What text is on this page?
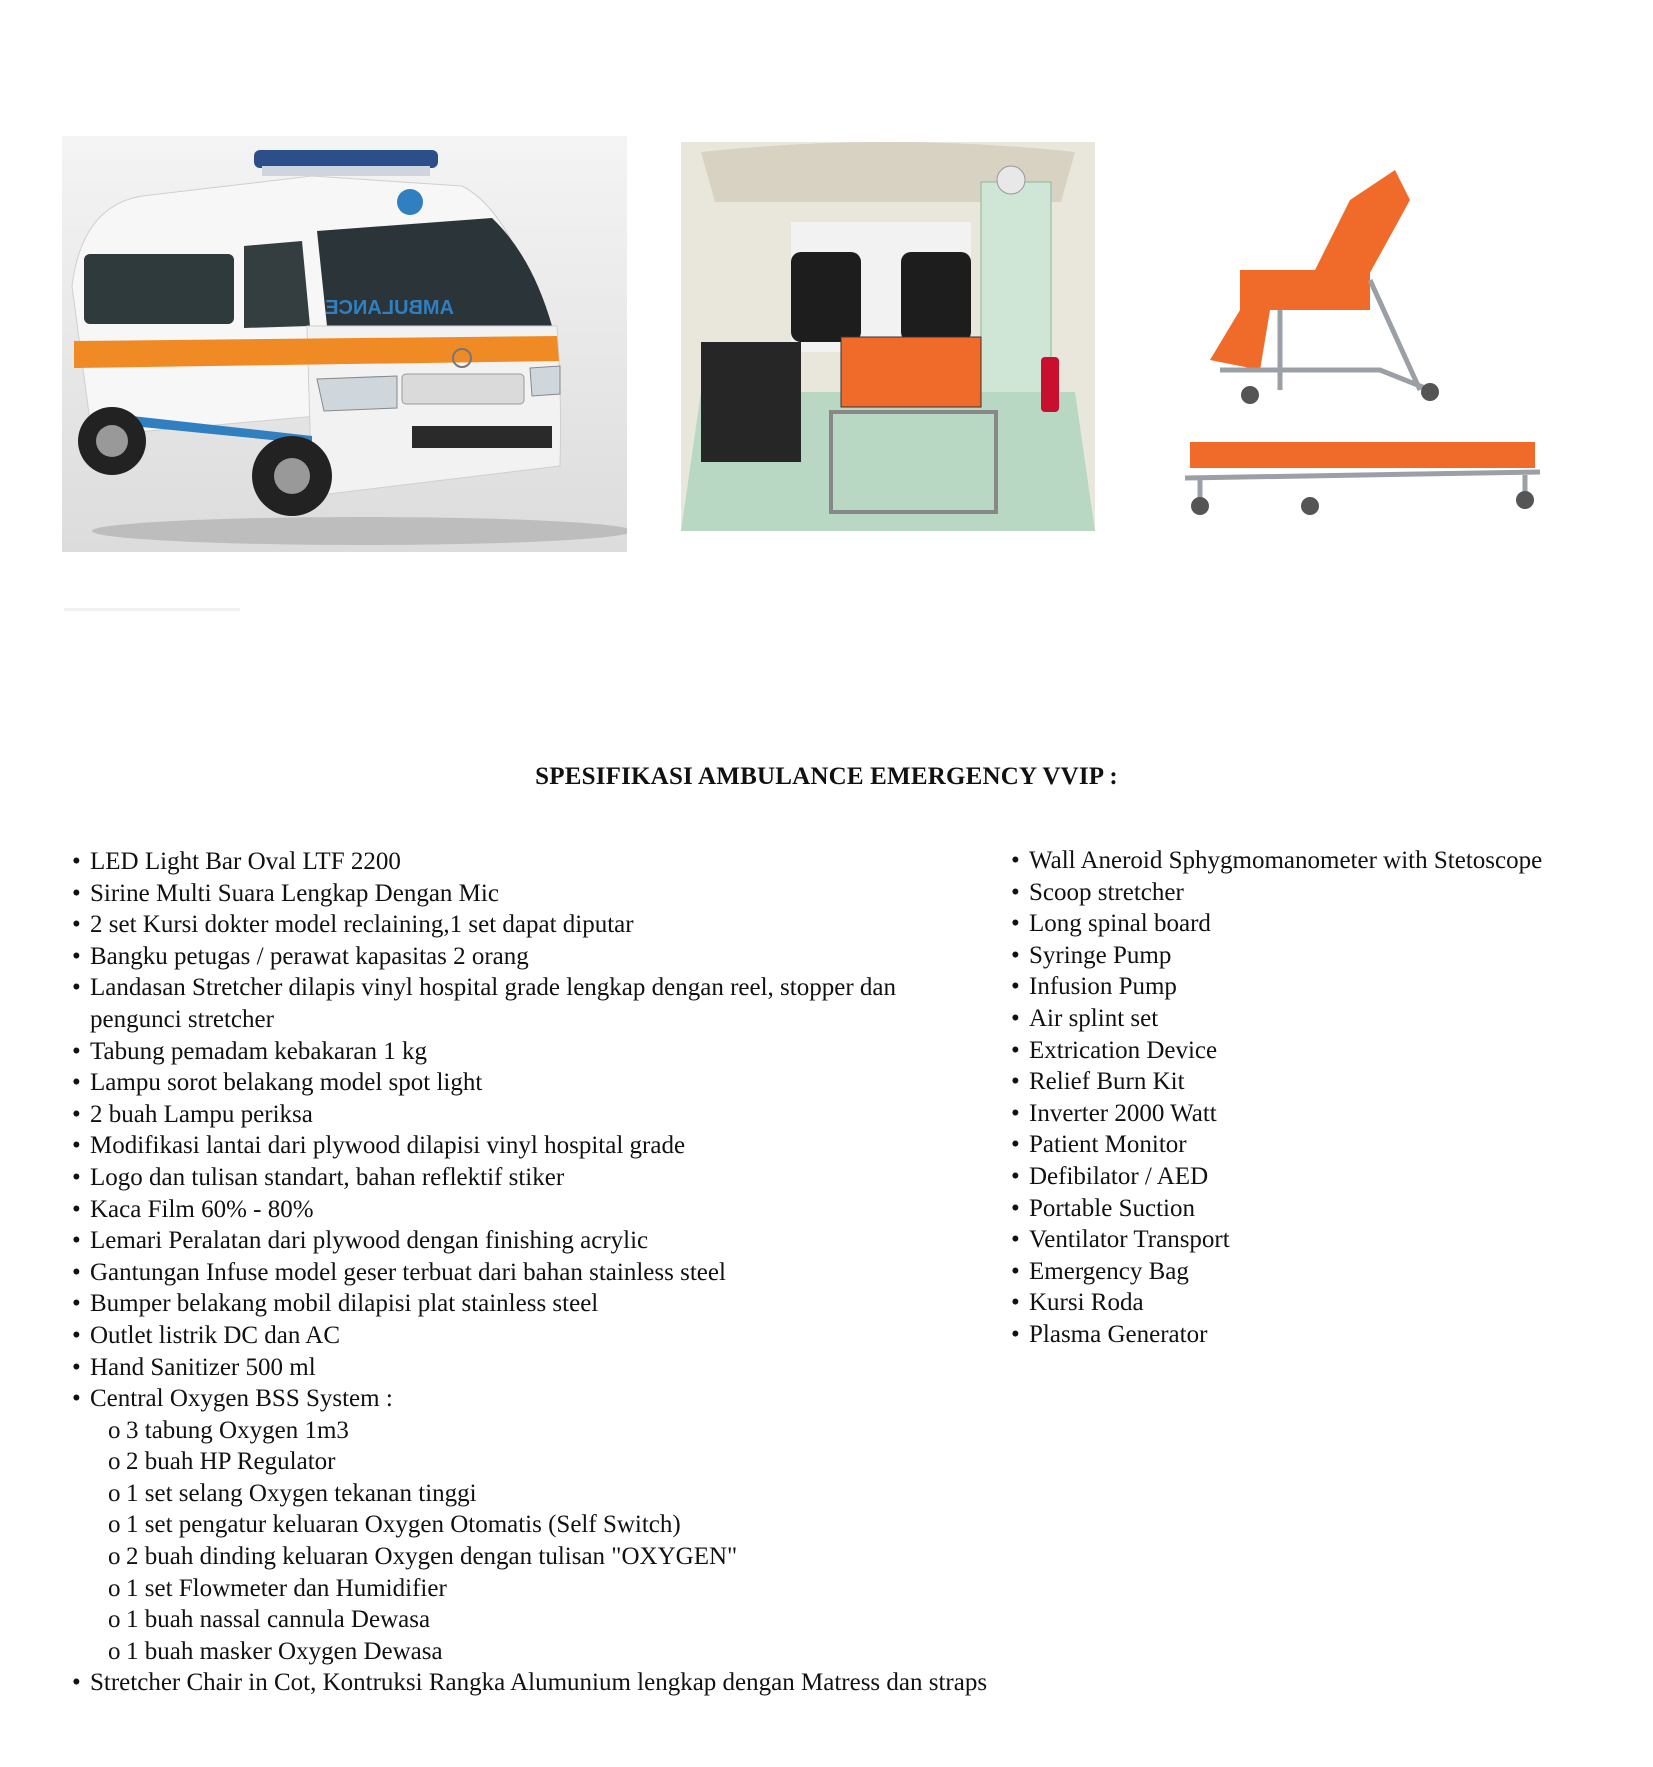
AMBULANCE
SPESIFIKASI AMBULANCE EMERGENCY VVIP :
• LED Light Bar Oval LTF 2200
• Sirine Multi Suara Lengkap Dengan Mic
• 2 set Kursi dokter model reclaining,1 set dapat diputar
• Bangku petugas / perawat kapasitas 2 orang
• Landasan Stretcher dilapis vinyl hospital grade lengkap dengan reel, stopper dan pengunci stretcher
• Tabung pemadam kebakaran 1 kg
• Lampu sorot belakang model spot light
• 2 buah Lampu periksa
• Modifikasi lantai dari plywood dilapisi vinyl hospital grade
• Logo dan tulisan standart, bahan reflektif stiker
• Kaca Film 60% - 80%
• Lemari Peralatan dari plywood dengan finishing acrylic
• Gantungan Infuse model geser terbuat dari bahan stainless steel
• Bumper belakang mobil dilapisi plat stainless steel
• Outlet listrik DC dan AC
• Hand Sanitizer 500 ml
• Central Oxygen BSS System :
o 3 tabung Oxygen 1m3
o 2 buah HP Regulator
o 1 set selang Oxygen tekanan tinggi
o 1 set pengatur keluaran Oxygen Otomatis (Self Switch)
o 2 buah dinding keluaran Oxygen dengan tulisan "OXYGEN"
o 1 set Flowmeter dan Humidifier
o 1 buah nassal cannula Dewasa
o 1 buah masker Oxygen Dewasa
• Stretcher Chair in Cot, Kontruksi Rangka Alumunium lengkap dengan Matress dan straps
• Wall Aneroid Sphygmomanometer with Stetoscope
• Scoop stretcher
• Long spinal board
• Syringe Pump
• Infusion Pump
• Air splint set
• Extrication Device
• Relief Burn Kit
• Inverter 2000 Watt
• Patient Monitor
• Defibilator / AED
• Portable Suction
• Ventilator Transport
• Emergency Bag
• Kursi Roda
• Plasma Generator
